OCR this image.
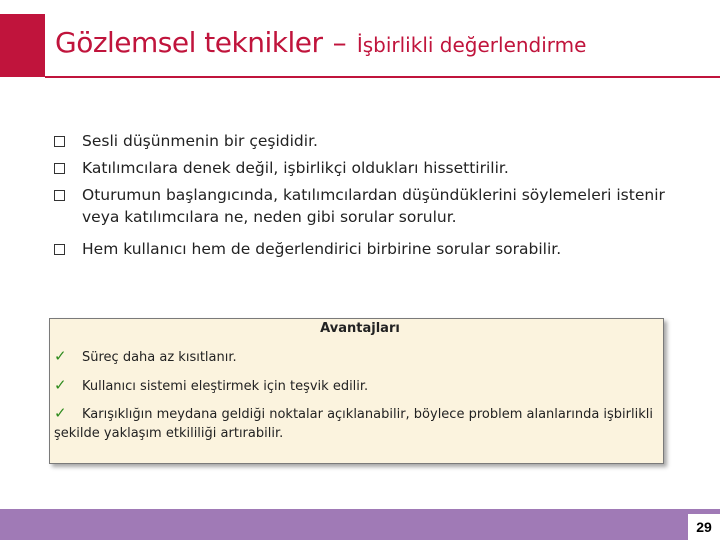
Gözlemsel teknikler – İşbirlikli değerlendirme
Sesli düşünmenin bir çeşididir.
Katılımcılara denek değil, işbirlikçi oldukları hissettirilir.
Oturumun başlangıcında, katılımcılardan düşündüklerini söylemeleri istenir veya katılımcılara ne, neden gibi sorular sorulur.
Hem kullanıcı hem de değerlendirici birbirine sorular sorabilir.
Avantajları
✓ Süreç daha az kısıtlanır.
✓ Kullanıcı sistemi eleştirmek için teşvik edilir.
✓ Karışıklığın meydana geldiği noktalar açıklanabilir, böylece problem alanlarında işbirlikli şekilde yaklaşım etkililiği artırabilir.
29
